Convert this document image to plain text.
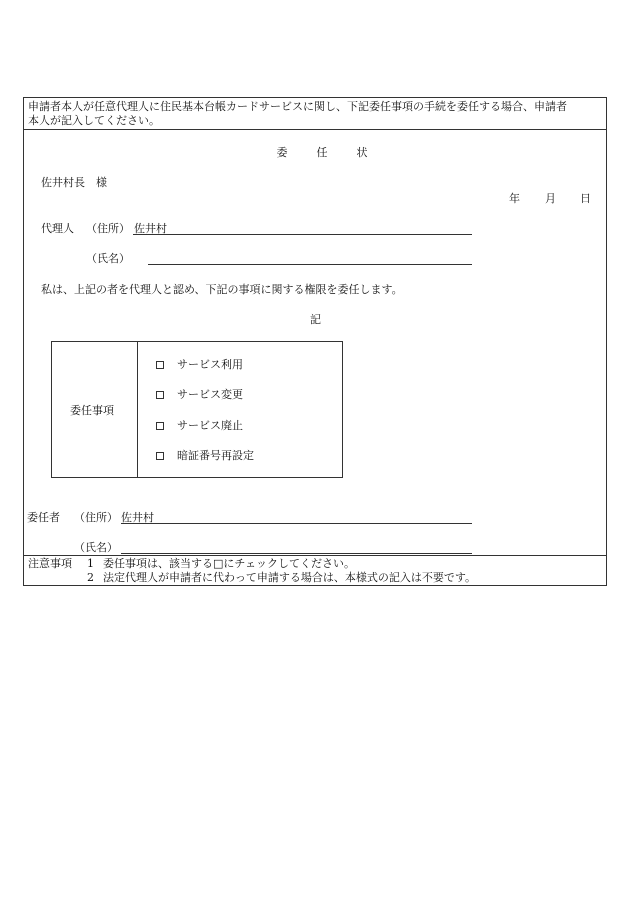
申請者本人が任意代理人に住民基本台帳カードサービスに関し、下記委任事項の手続を委任する場合、申請者
本人が記入してください。
委	任	状
佐井村長　様
年 月 日
代理人 （住所） 佐井村
（氏名）
私は、上記の者を代理人と認め、下記の事項に関する権限を委任します。
記
委任事項
サービス利用
サービス変更
サービス廃止
暗証番号再設定
委任者 （住所） 佐井村
（氏名）
注意事項 1 委任事項は、該当する□にチェックしてください。
2 法定代理人が申請者に代わって申請する場合は、本様式の記入は不要です。
